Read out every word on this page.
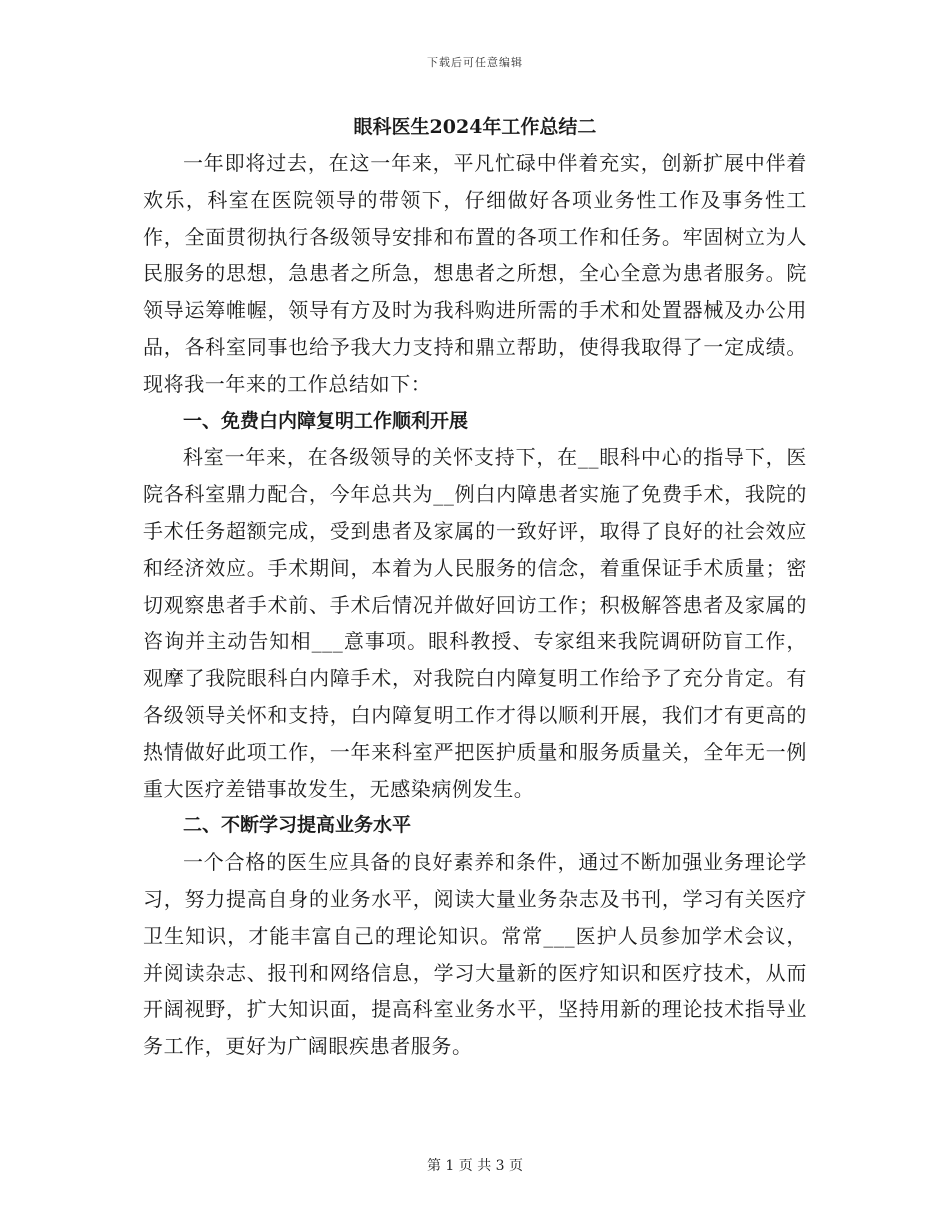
下载后可任意编辑
眼科医生2024年工作总结二

一年即将过去，在这一年来，平凡忙碌中伴着充实，创新扩展中伴着欢乐，科室在医院领导的带领下，仔细做好各项业务性工作及事务性工作，全面贯彻执行各级领导安排和布置的各项工作和任务。牢固树立为人民服务的思想，急患者之所急，想患者之所想，全心全意为患者服务。院领导运筹帷幄，领导有方及时为我科购进所需的手术和处置器械及办公用品，各科室同事也给予我大力支持和鼎立帮助，使得我取得了一定成绩。现将我一年来的工作总结如下：

一、免费白内障复明工作顺利开展

科室一年来，在各级领导的关怀支持下，在__眼科中心的指导下，医院各科室鼎力配合，今年总共为__例白内障患者实施了免费手术，我院的手术任务超额完成，受到患者及家属的一致好评，取得了良好的社会效应和经济效应。手术期间，本着为人民服务的信念，着重保证手术质量；密切观察患者手术前、手术后情况并做好回访工作；积极解答患者及家属的咨询并主动告知相___意事项。眼科教授、专家组来我院调研防盲工作，观摩了我院眼科白内障手术，对我院白内障复明工作给予了充分肯定。有各级领导关怀和支持，白内障复明工作才得以顺利开展，我们才有更高的热情做好此项工作，一年来科室严把医护质量和服务质量关，全年无一例重大医疗差错事故发生，无感染病例发生。

二、不断学习提高业务水平

一个合格的医生应具备的良好素养和条件，通过不断加强业务理论学习，努力提高自身的业务水平，阅读大量业务杂志及书刊，学习有关医疗卫生知识，才能丰富自己的理论知识。常常___医护人员参加学术会议，并阅读杂志、报刊和网络信息，学习大量新的医疗知识和医疗技术，从而开阔视野，扩大知识面，提高科室业务水平，坚持用新的理论技术指导业务工作，更好为广阔眼疾患者服务。

第 1 页 共 3 页
